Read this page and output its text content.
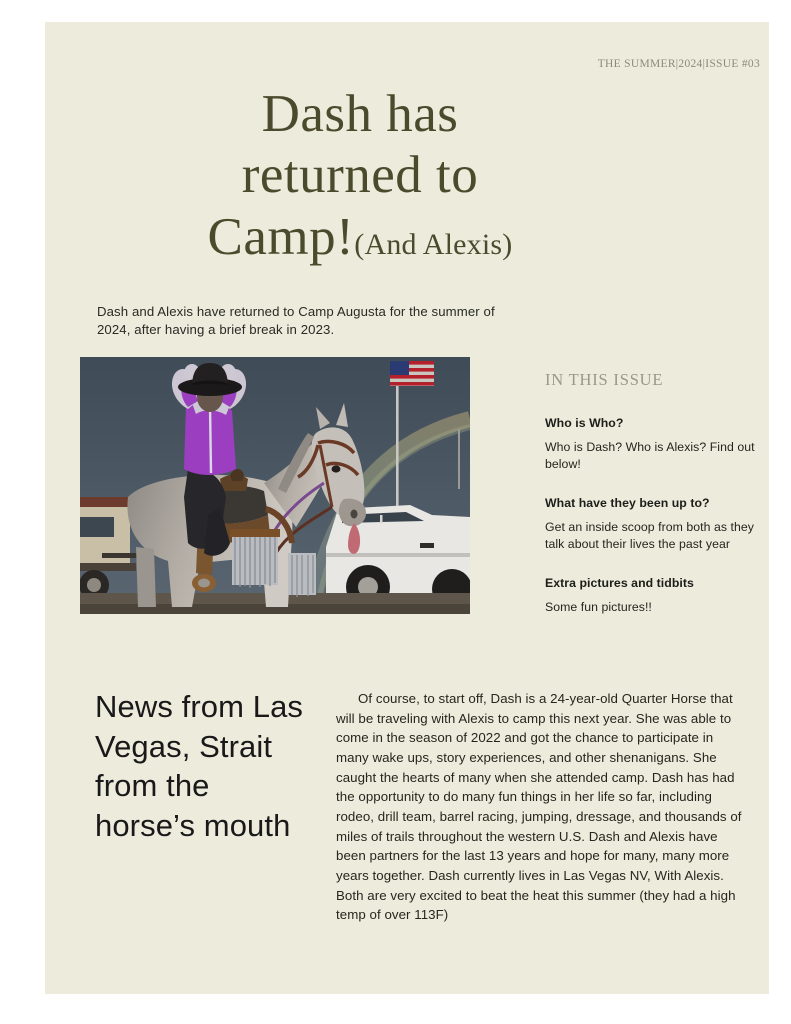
THE SUMMER|2024|ISSUE #03
Dash has
returned to
Camp!(And Alexis)
Dash and Alexis have returned to Camp Augusta for the summer of 2024, after having a brief break in 2023.
IN THIS ISSUE
Who is Who?
Who is Dash? Who is Alexis? Find out below!
What have they been up to?
Get an inside scoop from both as they talk about their lives the past year
Extra pictures and tidbits
Some fun pictures!!
News from Las Vegas, Strait from the horse’s mouth
Of course, to start off, Dash is a 24-year-old Quarter Horse that will be traveling with Alexis to camp this next year. She was able to come in the season of 2022 and got the chance to participate in many wake ups, story experiences, and other shenanigans. She caught the hearts of many when she attended camp. Dash has had the opportunity to do many fun things in her life so far, including rodeo, drill team, barrel racing, jumping, dressage, and thousands of miles of trails throughout the western U.S. Dash and Alexis have been partners for the last 13 years and hope for many, many more years together. Dash currently lives in Las Vegas NV, With Alexis. Both are very excited to beat the heat this summer (they had a high temp of over 113F)
